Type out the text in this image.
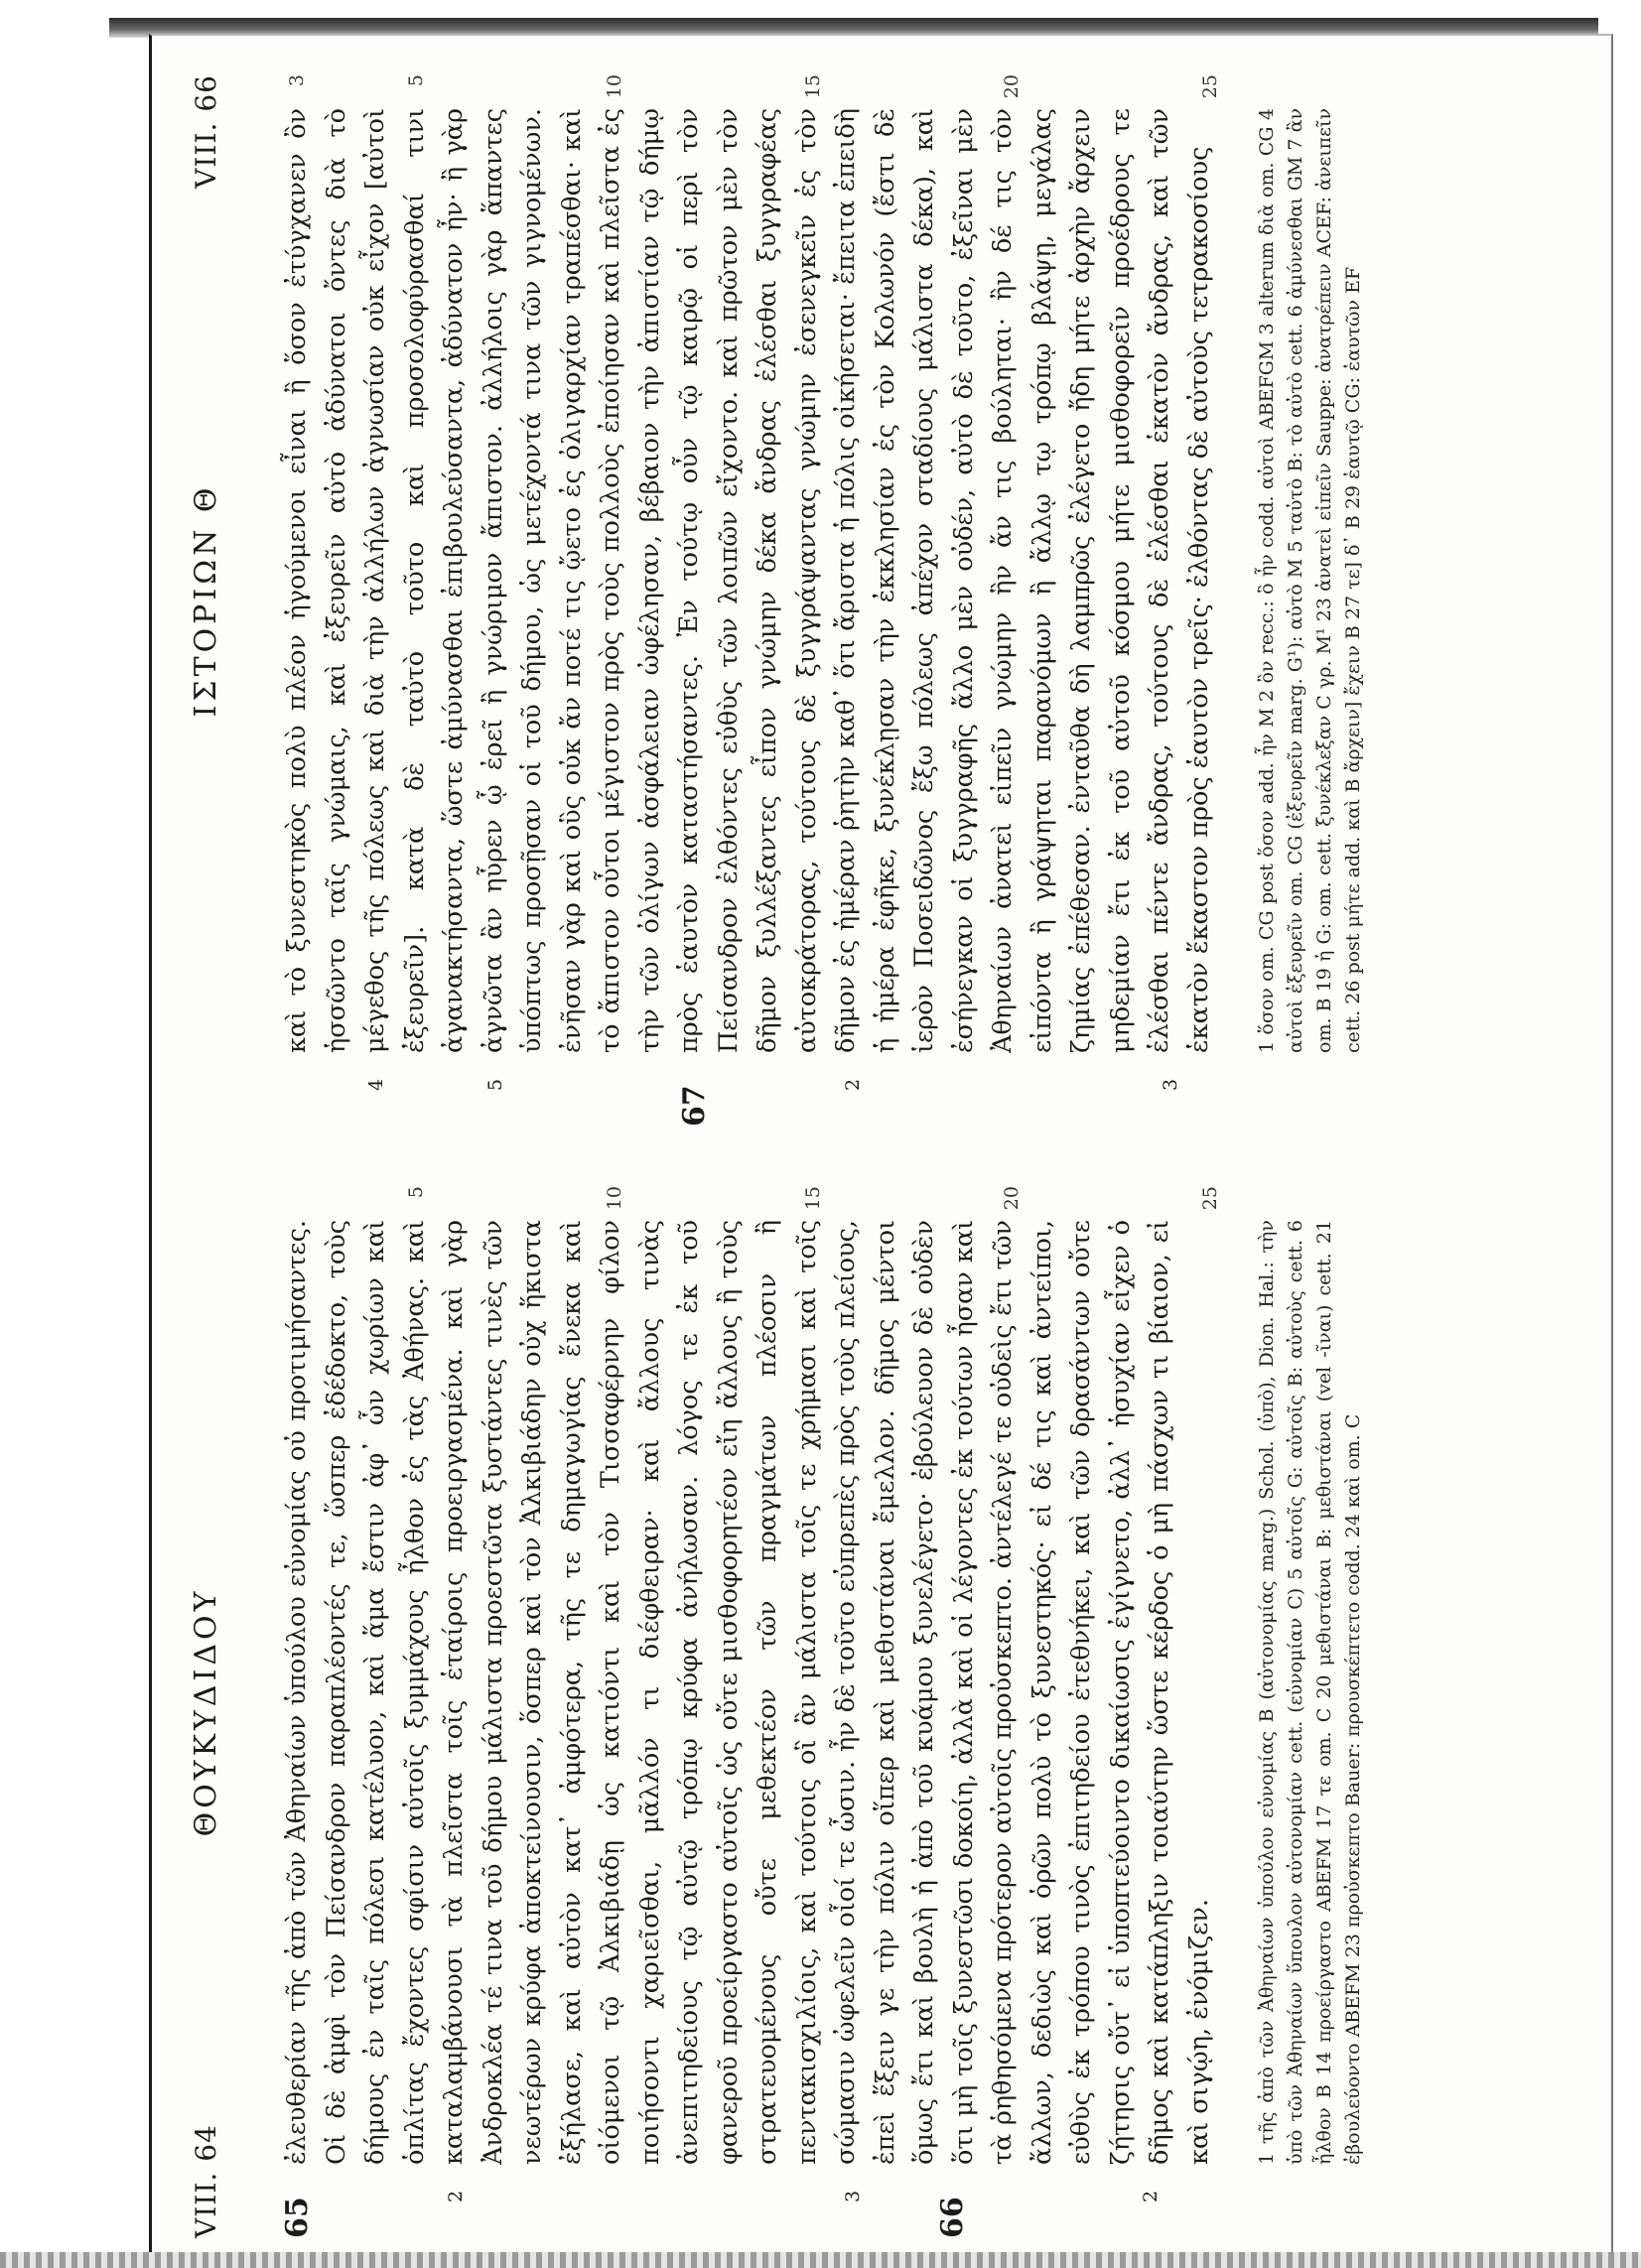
VIII. 64
ΘΟΥΚΥΔΙΔΟΥ
65
2	3
66
2
5	10	15	20	25

ἐλευθερίαν τῆς ἀπὸ τῶν Ἀθηναίων ὑπούλου εὐνομίας οὐ προτιμήσαντες. Οἱ δὲ ἀμφὶ τὸν Πείσανδρον παραπλέοντές τε, ὥσπερ ἐδέδοκτο, τοὺς δήμους ἐν ταῖς πόλεσι κατέλυον, καὶ ἅμα ἔστιν ἀφ᾽ ὧν χωρίων καὶ ὁπλίτας ἔχοντες σφίσιν αὐτοῖς ξυμμάχους ἦλθον ἐς τὰς Ἀθήνας. καὶ καταλαμβάνουσι τὰ πλεῖστα τοῖς ἑταίροις προειργασμένα. καὶ γὰρ Ἀνδροκλέα τέ τινα τοῦ δήμου μάλιστα προεστῶτα ξυστάντες τινὲς τῶν νεωτέρων κρύφα ἀποκτείνουσιν, ὅσπερ καὶ τὸν Ἀλκιβιάδην οὐχ ἥκιστα ἐξήλασε, καὶ αὐτὸν κατ᾽ ἀμφότερα, τῆς τε δημαγωγίας ἕνεκα καὶ οἰόμενοι τῷ Ἀλκιβιάδῃ ὡς κατιόντι καὶ τὸν Τισσαφέρνην φίλον ποιήσοντι χαριεῖσθαι, μᾶλλόν τι διέφθειραν· καὶ ἄλλους τινὰς ἀνεπιτηδείους τῷ αὐτῷ τρόπῳ κρύφα ἀνήλωσαν. λόγος τε ἐκ τοῦ φανεροῦ προείργαστο αὐτοῖς ὡς οὔτε μισθοφορητέον εἴη ἄλλους ἢ τοὺς στρατευομένους οὔτε μεθεκτέον τῶν πραγμάτων πλέοσιν ἢ πεντακισχιλίοις, καὶ τούτοις οἳ ἂν μάλιστα τοῖς τε χρήμασι καὶ τοῖς σώμασιν ὠφελεῖν οἷοί τε ὦσιν. ἦν δὲ τοῦτο εὐπρεπὲς πρὸς τοὺς πλείους, ἐπεὶ ἕξειν γε τὴν πόλιν οἵπερ καὶ μεθιστάναι ἔμελλον. δῆμος μέντοι ὅμως ἔτι καὶ βουλὴ ἡ ἀπὸ τοῦ κυάμου ξυνελέγετο· ἐβούλευον δὲ οὐδὲν ὅτι μὴ τοῖς ξυνεστῶσι δοκοίη, ἀλλὰ καὶ οἱ λέγοντες ἐκ τούτων ἦσαν καὶ τὰ ῥηθησόμενα πρότερον αὐτοῖς προὐσκεπτο. ἀντέλεγέ τε οὐδεὶς ἔτι τῶν ἄλλων, δεδιὼς καὶ ὁρῶν πολὺ τὸ ξυνεστηκός· εἰ δέ τις καὶ ἀντείποι, εὐθὺς ἐκ τρόπου τινὸς ἐπιτηδείου ἐτεθνήκει, καὶ τῶν δρασάντων οὔτε ζήτησις οὔτ᾽ εἰ ὑποπτεύοιντο δικαίωσις ἐγίγνετο, ἀλλ᾽ ἡσυχίαν εἶχεν ὁ δῆμος καὶ κατάπληξιν τοιαύτην ὥστε κέρδος ὁ μὴ πάσχων τι βίαιον, εἰ καὶ σιγῴη, ἐνόμιζεν. 1 τῆς ἀπὸ τῶν Ἀθηναίων ὑπούλου εὐνομίας B (αὐτονομίας marg.) Schol. (ὑπὸ), Dion. Hal.: τὴν ὑπὸ τῶν Ἀθηναίων ὕπουλον αὐτονομίαν cett. (εὐνομίαν C) 5 αὐτοῖς G: αὐτοῖς B: αὐτοὺς cett. 6 ἦλθον B 14 προείργαστο ABEFM 17 τε om. C 20 μεθιστάναι B: μεθιστάναι (vel -ῖναι) cett. 21 ἐβουλεύοντο ABEFM 23 προὐσκεπτο Bauer: προυσκέπτετο codd. 24 καὶ om. C
ΙΣΤΟΡΙΩΝ Θ
VIII. 66	3	5	10
67
15	20	25
4	5	2	3

καὶ τὸ ξυνεστηκὸς πολὺ πλέον ἡγούμενοι εἶναι ἢ ὅσον ἐτύγχανεν ὂν ἡσσῶντο ταῖς γνώμαις, καὶ ἐξευρεῖν αὐτὸ ἀδύνατοι ὄντες διὰ τὸ μέγεθος τῆς πόλεως καὶ διὰ τὴν ἀλλήλων ἀγνωσίαν οὐκ εἶχον [αὐτοὶ ἐξευρεῖν]. κατὰ δὲ ταὐτὸ τοῦτο καὶ προσολοφύρασθαί τινι ἀγανακτήσαντα, ὥστε ἀμύνασθαι ἐπιβουλεύσαντα, ἀδύνατον ἦν· ἢ γὰρ ἀγνῶτα ἂν ηὗρεν ᾧ ἐρεῖ ἢ γνώριμον ἄπιστον. ἀλλήλοις γὰρ ἅπαντες ὑπόπτως προσῇσαν οἱ τοῦ δήμου, ὡς μετέχοντά τινα τῶν γιγνομένων. ἐνῆσαν γὰρ καὶ οὓς οὐκ ἄν ποτέ τις ᾤετο ἐς ὀλιγαρχίαν τραπέσθαι· καὶ τὸ ἄπιστον οὗτοι μέγιστον πρὸς τοὺς πολλοὺς ἐποίησαν καὶ πλεῖστα ἐς τὴν τῶν ὀλίγων ἀσφάλειαν ὠφέλησαν, βέβαιον τὴν ἀπιστίαν τῷ δήμῳ πρὸς ἑαυτὸν καταστήσαντες. Ἐν τούτῳ οὖν τῷ καιρῷ οἱ περὶ τὸν Πείσανδρον ἐλθόντες εὐθὺς τῶν λοιπῶν εἴχοντο. καὶ πρῶτον μὲν τὸν δῆμον ξυλλέξαντες εἶπον γνώμην δέκα ἄνδρας ἑλέσθαι ξυγγραφέας αὐτοκράτορας, τούτους δὲ ξυγγράψαντας γνώμην ἐσενεγκεῖν ἐς τὸν δῆμον ἐς ἡμέραν ῥητὴν καθ᾽ ὅτι ἄριστα ἡ πόλις οἰκήσεται· ἔπειτα ἐπειδὴ ἡ ἡμέρα ἐφῆκε, ξυνέκλῃσαν τὴν ἐκκλησίαν ἐς τὸν Κολωνόν (ἔστι δὲ ἱερὸν Ποσειδῶνος ἔξω πόλεως ἀπέχον σταδίους μάλιστα δέκα), καὶ ἐσήνεγκαν οἱ ξυγγραφῆς ἄλλο μὲν οὐδέν, αὐτὸ δὲ τοῦτο, ἐξεῖναι μὲν Ἀθηναίων ἀνατεὶ εἰπεῖν γνώμην ἣν ἄν τις βούληται· ἢν δέ τις τὸν εἰπόντα ἢ γράψηται παρανόμων ἢ ἄλλῳ τῳ τρόπῳ βλάψῃ, μεγάλας ζημίας ἐπέθεσαν. ἐνταῦθα δὴ λαμπρῶς ἐλέγετο ἤδη μήτε ἀρχὴν ἄρχειν μηδεμίαν ἔτι ἐκ τοῦ αὐτοῦ κόσμου μήτε μισθοφορεῖν προέδρους τε ἑλέσθαι πέντε ἄνδρας, τούτους δὲ ἑλέσθαι ἑκατὸν ἄνδρας, καὶ τῶν ἑκατὸν ἕκαστον πρὸς ἑαυτὸν τρεῖς· ἐλθόντας δὲ αὐτοὺς τετρακοσίους 1 ὅσον om. CG post ὅσον add. ἦν M 2 ὂν recc.: ὃ ἦν codd. αὐτοὶ ABEFGM 3 alterum διὰ om. CG 4 αὐτοὶ ἐξευρεῖν om. CG (ἐξευρεῖν marg. G¹): αὐτὸ M 5 ταὐτὸ B: τὸ αὐτὸ cett. 6 ἀμύνεσθαι GM 7 ἂν om. B 19 ἡ G: om. cett. ξυνέκλεξαν C γρ. M¹ 23 ἀνατεὶ εἰπεῖν Sauppe: ἀνατρέπειν ACEF: ἀνειπεῖν cett. 26 post μήτε add. καὶ B ἄρχειν] ἔχειν B 27 τε] δ᾽ B 29 ἑαυτῷ CG: ἑαυτῶν EF
